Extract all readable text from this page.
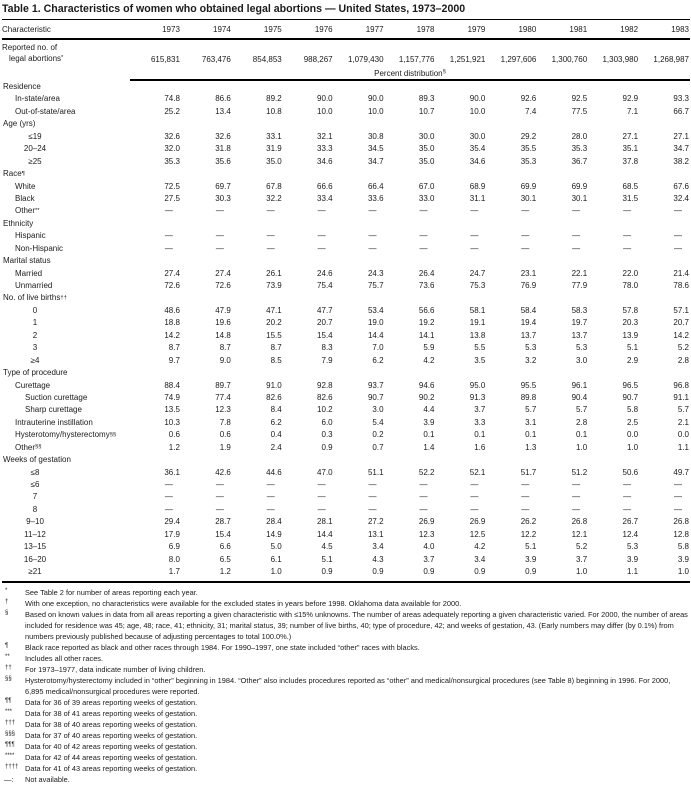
Table 1. Characteristics of women who obtained legal abortions — United States, 1973–2000
Characteristic	1973	1974	1975	1976	1977	1978	1979	1980	1981	1982	1983
Reported no. of
legal abortions*	615,831	763,476	854,853	988,267	1,079,430	1,157,776	1,251,921	1,297,606	1,300,760	1,303,980	1,268,987
Percent distribution§
Residence
In-state/area	74.8	86.6	89.2	90.0	90.0	89.3	90.0	92.6	92.5	92.9	93.3
Out-of-state/area	25.2	13.4	10.8	10.0	10.0	10.7	10.0	7.4	77.5	7.1	66.7
Age (yrs)
≤19	32.6	32.6	33.1	32.1	30.8	30.0	30.0	29.2	28.0	27.1	27.1
20–24	32.0	31.8	31.9	33.3	34.5	35.0	35.4	35.5	35.3	35.1	34.7
≥25	35.3	35.6	35.0	34.6	34.7	35.0	34.6	35.3	36.7	37.8	38.2
Race¶
White	72.5	69.7	67.8	66.6	66.4	67.0	68.9	69.9	69.9	68.5	67.6
Black	27.5	30.3	32.2	33.4	33.6	33.0	31.1	30.1	30.1	31.5	32.4
Other**	—	—	—	—	—	—	—	—	—	—	—
Ethnicity
Hispanic	—	—	—	—	—	—	—	—	—	—	—
Non-Hispanic	—	—	—	—	—	—	—	—	—	—	—
Marital status
Married	27.4	27.4	26.1	24.6	24.3	26.4	24.7	23.1	22.1	22.0	21.4
Unmarried	72.6	72.6	73.9	75.4	75.7	73.6	75.3	76.9	77.9	78.0	78.6
No. of live births††
0	48.6	47.9	47.1	47.7	53.4	56.6	58.1	58.4	58.3	57.8	57.1
1	18.8	19.6	20.2	20.7	19.0	19.2	19.1	19.4	19.7	20.3	20.7
2	14.2	14.8	15.5	15.4	14.4	14.1	13.8	13.7	13.7	13.9	14.2
3	8.7	8.7	8.7	8.3	7.0	5.9	5.5	5.3	5.3	5.1	5.2
≥4	9.7	9.0	8.5	7.9	6.2	4.2	3.5	3.2	3.0	2.9	2.8
Type of procedure
Curettage	88.4	89.7	91.0	92.8	93.7	94.6	95.0	95.5	96.1	96.5	96.8
Suction curettage	74.9	77.4	82.6	82.6	90.7	90.2	91.3	89.8	90.4	90.7	91.1
Sharp curettage	13.5	12.3	8.4	10.2	3.0	4.4	3.7	5.7	5.7	5.8	5.7
Intrauterine instillation	10.3	7.8	6.2	6.0	5.4	3.9	3.3	3.1	2.8	2.5	2.1
Hysterotomy/hysterectomy§§	0.6	0.6	0.4	0.3	0.2	0.1	0.1	0.1	0.1	0.0	0.0
Other§§	1.2	1.9	2.4	0.9	0.7	1.4	1.6	1.3	1.0	1.0	1.1
Weeks of gestation
≤8	36.1	42.6	44.6	47.0	51.1	52.2	52.1	51.7	51.2	50.6	49.7
≤6	—	—	—	—	—	—	—	—	—	—	—
7	—	—	—	—	—	—	—	—	—	—	—
8	—	—	—	—	—	—	—	—	—	—	—
9–10	29.4	28.7	28.4	28.1	27.2	26.9	26.9	26.2	26.8	26.7	26.8
11–12	17.9	15.4	14.9	14.4	13.1	12.3	12.5	12.2	12.1	12.4	12.8
13–15	6.9	6.6	5.0	4.5	3.4	4.0	4.2	5.1	5.2	5.3	5.8
16–20	8.0	6.5	6.1	5.1	4.3	3.7	3.4	3.9	3.7	3.9	3.9
≥21	1.7	1.2	1.0	0.9	0.9	0.9	0.9	0.9	1.0	1.1	1.0
* See Table 2 for number of areas reporting each year.
† With one exception, no characteristics were available for the excluded states in years before 1998. Oklahoma data available for 2000.
§ Based on known values in data from all areas reporting a given characteristic with ≤15% unknowns. The number of areas adequately reporting a given characteristic varied. For 2000, the number of areas included for residence was 45; age, 48; race, 41; ethnicity, 31; marital status, 39; number of live births, 40; type of procedure, 42; and weeks of gestation, 43. (Early numbers may differ (by 0.1%) from numbers previously published because of adjusting percentages to total 100.0%.)
¶ Black race reported as black and other races through 1984. For 1990–1997, one state included “other” races with blacks.
** Includes all other races.
†† For 1973–1977, data indicate number of living children.
§§ Hysterotomy/hysterectomy included in “other” beginning in 1984. “Other” also includes procedures reported as “other” and medical/nonsurgical procedures (see Table 8) beginning in 1996. For 2000, 6,895 medical/nonsurgical procedures were reported.
¶¶ Data for 36 of 39 areas reporting weeks of gestation.
*** Data for 38 of 41 areas reporting weeks of gestation.
††† Data for 38 of 40 areas reporting weeks of gestation.
§§§ Data for 37 of 40 areas reporting weeks of gestation.
¶¶¶ Data for 40 of 42 areas reporting weeks of gestation.
**** Data for 42 of 44 areas reporting weeks of gestation.
†††† Data for 41 of 43 areas reporting weeks of gestation.
—: Not available.
